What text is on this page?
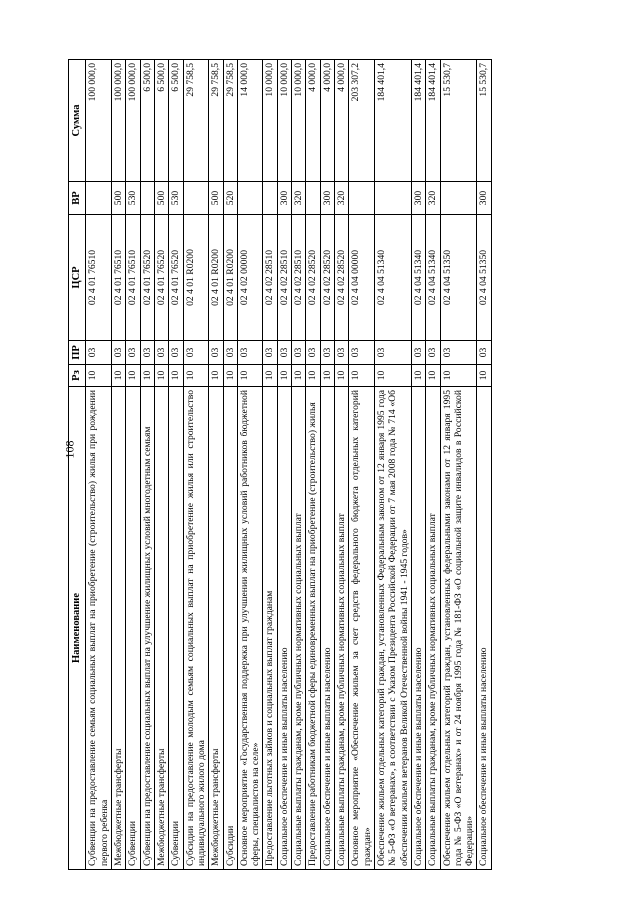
108
Наименование	Рз	ПР	ЦСР	ВР	Сумма
Субвенции на предоставление семьям социальных выплат на приобретение (строительство) жилья при рождении первого ребенка	10	03	02 4 01 76510		100 000,0
Межбюджетные трансферты	10	03	02 4 01 76510	500	100 000,0
Субвенции	10	03	02 4 01 76510	530	100 000,0
Субвенции на предоставление социальных выплат на улучшение жилищных условий многодетным семьям	10	03	02 4 01 76520		6 500,0
Межбюджетные трансферты	10	03	02 4 01 76520	500	6 500,0
Субвенции	10	03	02 4 01 76520	530	6 500,0
Субсидии на предоставление молодым семьям социальных выплат на приобретение жилья или строительство индивидуального жилого дома	10	03	02 4 01 R0200		29 758,5
Межбюджетные трансферты	10	03	02 4 01 R0200	500	29 758,5
Субсидии	10	03	02 4 01 R0200	520	29 758,5
Основное мероприятие «Государственная поддержка при улучшении жилищных условий работников бюджетной сферы, специалистов на селе»	10	03	02 4 02 00000		14 000,0
Предоставление льготных займов и социальных выплат гражданам	10	03	02 4 02 28510		10 000,0
Социальное обеспечение и иные выплаты населению	10	03	02 4 02 28510	300	10 000,0
Социальные выплаты гражданам, кроме публичных нормативных социальных выплат	10	03	02 4 02 28510	320	10 000,0
Предоставление работникам бюджетной сферы единовременных выплат на приобретение (строительство) жилья	10	03	02 4 02 28520		4 000,0
Социальное обеспечение и иные выплаты населению	10	03	02 4 02 28520	300	4 000,0
Социальные выплаты гражданам, кроме публичных нормативных социальных выплат	10	03	02 4 02 28520	320	4 000,0
Основное мероприятие «Обеспечение жильем за счет средств федерального бюджета отдельных категорий граждан»	10	03	02 4 04 00000		203 307,2
Обеспечение жильем отдельных категорий граждан, установленных Федеральным законом от 12 января 1995 года № 5-ФЗ «О ветеранах», в соответствии с Указом Президента Российской Федерации от 7 мая 2008 года № 714 «Об обеспечении жильем ветеранов Великой Отечественной войны 1941 - 1945 годов»	10	03	02 4 04 51340		184 401,4
Социальное обеспечение и иные выплаты населению	10	03	02 4 04 51340	300	184 401,4
Социальные выплаты гражданам, кроме публичных нормативных социальных выплат	10	03	02 4 04 51340	320	184 401,4
Обеспечение жильем отдельных категорий граждан, установленных федеральными законами от 12 января 1995 года № 5-ФЗ «О ветеранах» и от 24 ноября 1995 года № 181-ФЗ «О социальной защите инвалидов в Российской Федерации»	10	03	02 4 04 51350		15 530,7
Социальное обеспечение и иные выплаты населению	10	03	02 4 04 51350	300	15 530,7
